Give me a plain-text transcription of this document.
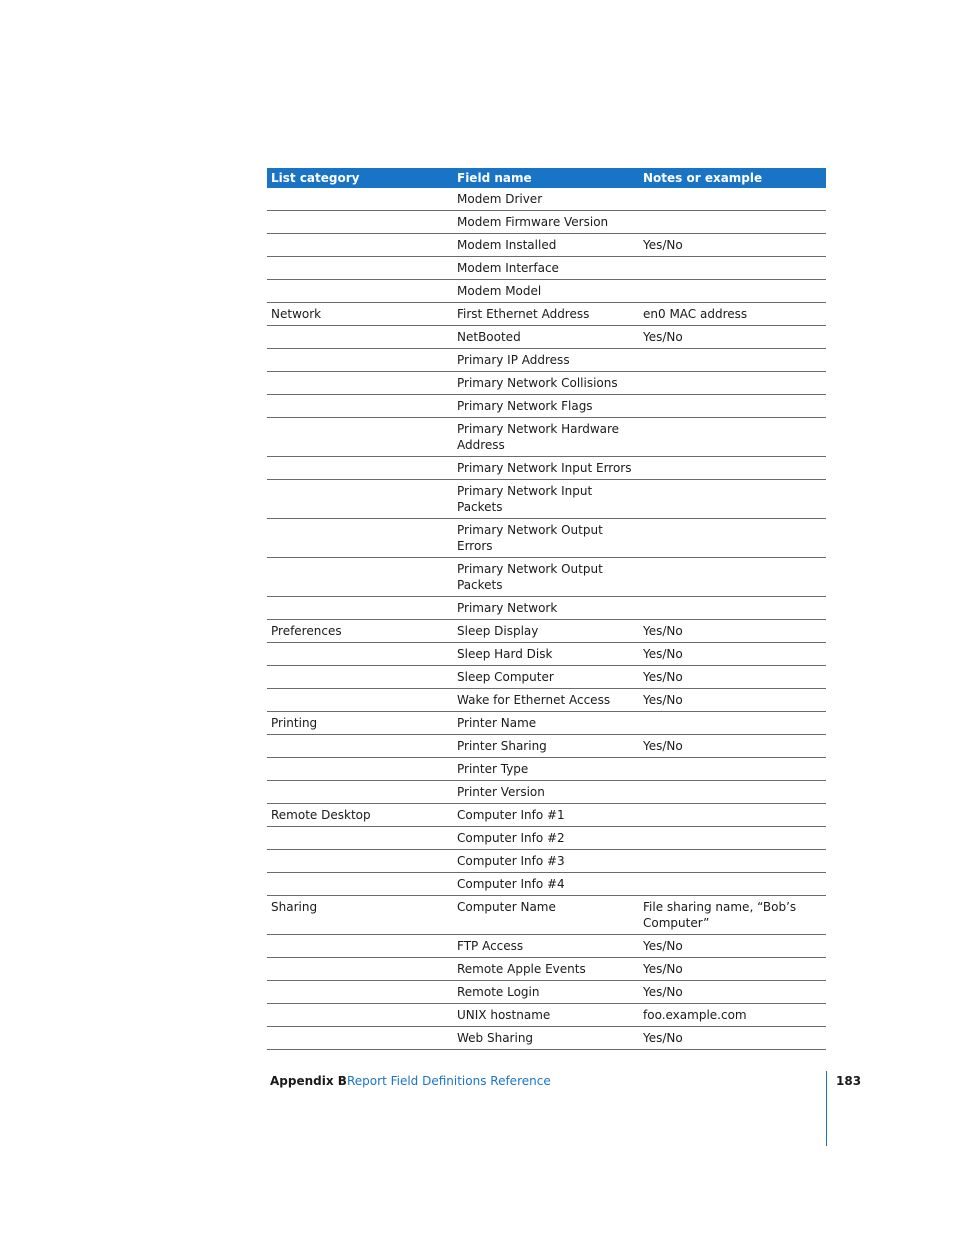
List category	Field name	Notes or example
	Modem Driver	
	Modem Firmware Version	
	Modem Installed	Yes/No
	Modem Interface	
	Modem Model	
Network	First Ethernet Address	en0 MAC address
	NetBooted	Yes/No
	Primary IP Address	
	Primary Network Collisions	
	Primary Network Flags	
	Primary Network Hardware Address	
	Primary Network Input Errors	
	Primary Network Input Packets	
	Primary Network Output Errors	
	Primary Network Output Packets	
	Primary Network	
Preferences	Sleep Display	Yes/No
	Sleep Hard Disk	Yes/No
	Sleep Computer	Yes/No
	Wake for Ethernet Access	Yes/No
Printing	Printer Name	
	Printer Sharing	Yes/No
	Printer Type	
	Printer Version	
Remote Desktop	Computer Info #1	
	Computer Info #2	
	Computer Info #3	
	Computer Info #4	
Sharing	Computer Name	File sharing name, “Bob’s Computer”
	FTP Access	Yes/No
	Remote Apple Events	Yes/No
	Remote Login	Yes/No
	UNIX hostname	foo.example.com
	Web Sharing	Yes/No
Appendix B Report Field Definitions Reference	183
